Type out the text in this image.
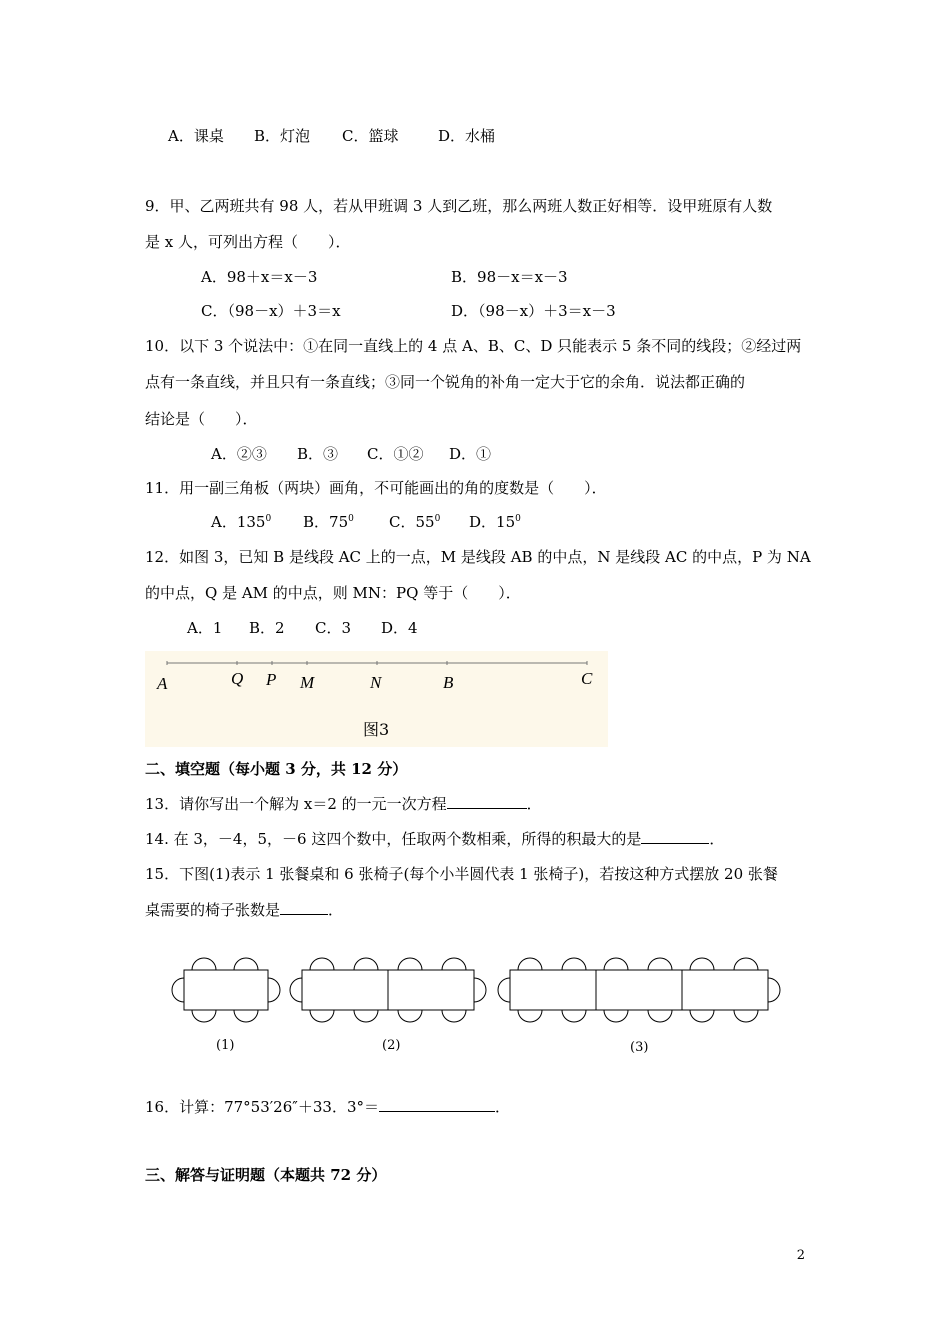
A．课桌 B．灯泡 C．篮球	D．水桶
9．甲、乙两班共有 98 人，若从甲班调 3 人到乙班，那么两班人数正好相等．设甲班原有人数
是 x 人，可列出方程（　　）．
A．98＋x＝x－3	B．98－x＝x－3
C．（98－x）＋3＝x	D．（98－x）＋3＝x－3
10．以下 3 个说法中：①在同一直线上的 4 点 A、B、C、D 只能表示 5 条不同的线段；②经过两
点有一条直线，并且只有一条直线；③同一个锐角的补角一定大于它的余角．说法都正确的
结论是（　　）．
A．②③ B．③ C．①② D．①
11．用一副三角板（两块）画角，不可能画出的角的度数是（　　）．
A．$135^0$ B．$75^0$ C．$55^0$ D．$15^0$
12．如图 3，已知 B 是线段 AC 上的一点，M 是线段 AB 的中点，N 是线段 AC 的中点，P 为 NA
的中点，Q 是 AM 的中点，则 MN：PQ 等于（　　）．
A．1 B．2 C．3 D．4
A	Q P M	N	B	C
图3
二、填空题（每小题 3 分，共 12 分）
13．请你写出一个解为 x＝2 的一元一次方程	．
14. 在 3，－4，5，－6 这四个数中，任取两个数相乘，所得的积最大的是	．
15．下图(1)表示 1 张餐桌和 6 张椅子(每个小半圆代表 1 张椅子)，若按这种方式摆放 20 张餐
桌需要的椅子张数是	．
(1)	(2)	(3)
16．计算：77°53′26″＋33．3°＝	．
三、解答与证明题（本题共 72 分）
2
